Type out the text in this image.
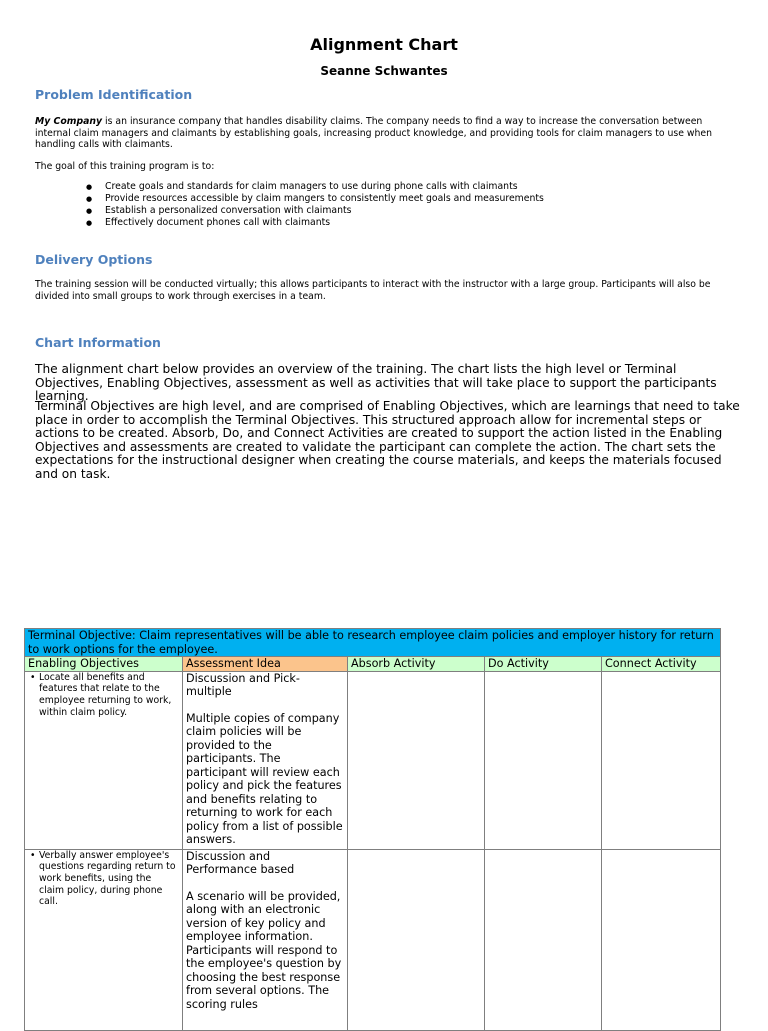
Alignment Chart
Seanne Schwantes
Problem Identification
My Company is an insurance company that handles disability claims. The company needs to find a way to increase the conversation between internal claim managers and claimants by establishing goals, increasing product knowledge, and providing tools for claim managers to use when handling calls with claimants.
The goal of this training program is to:
● Create goals and standards for claim managers to use during phone calls with claimants
● Provide resources accessible by claim mangers to consistently meet goals and measurements
● Establish a personalized conversation with claimants
● Effectively document phones call with claimants
Delivery Options
The training session will be conducted virtually; this allows participants to interact with the instructor with a large group. Participants will also be divided into small groups to work through exercises in a team.
Chart Information
The alignment chart below provides an overview of the training. The chart lists the high level or Terminal Objectives, Enabling Objectives, assessment as well as activities that will take place to support the participants learning.
Terminal Objectives are high level, and are comprised of Enabling Objectives, which are learnings that need to take place in order to accomplish the Terminal Objectives. This structured approach allow for incremental steps or actions to be created. Absorb, Do, and Connect Activities are created to support the action listed in the Enabling Objectives and assessments are created to validate the participant can complete the action. The chart sets the expectations for the instructional designer when creating the course materials, and keeps the materials focused and on task.
Terminal Objective: Claim representatives will be able to research employee claim policies and employer history for return to work options for the employee.				
Enabling Objectives	Assessment Idea	Absorb Activity	Do Activity	Connect Activity

• Locate all benefits and features that relate to the employee returning to work, within claim policy.	Discussion and Pick-multiple

Multiple copies of company claim policies will be provided to the participants. The participant will review each policy and pick the features and benefits relating to returning to work for each policy from a list of possible answers.			

• Verbally answer employee's questions regarding return to work benefits, using the claim policy, during phone call.	Discussion and Performance based

A scenario will be provided, along with an electronic version of key policy and employee information. Participants will respond to the employee's question by choosing the best response from several options. The scoring rules			
